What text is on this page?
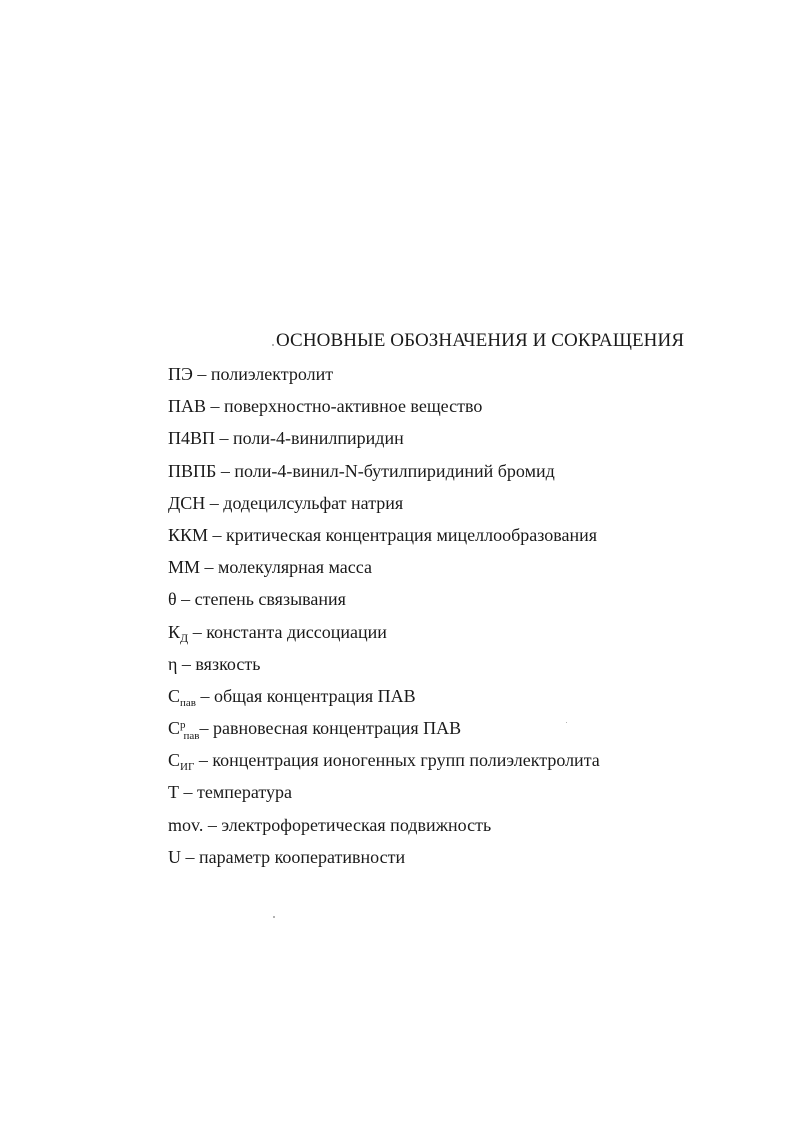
ОСНОВНЫЕ ОБОЗНАЧЕНИЯ И СОКРАЩЕНИЯ
ПЭ – полиэлектролит
ПАВ – поверхностно-активное вещество
П4ВП – поли-4-винилпиридин
ПВПБ – поли-4-винил-N-бутилпиридиний бромид
ДСН – додецилсульфат натрия
ККМ – критическая концентрация мицеллообразования
ММ – молекулярная масса
θ – степень связывания
$К_Д$ – константа диссоциации
η – вязкость
$С_{пав}$ – общая концентрация ПАВ
$С^р_{пав}-$ равновесная концентрация ПАВ
$С_{ИГ}$ – концентрация ионогенных групп полиэлектролита
Т – температура
mov. – электрофоретическая подвижность
U – параметр кооперативности
